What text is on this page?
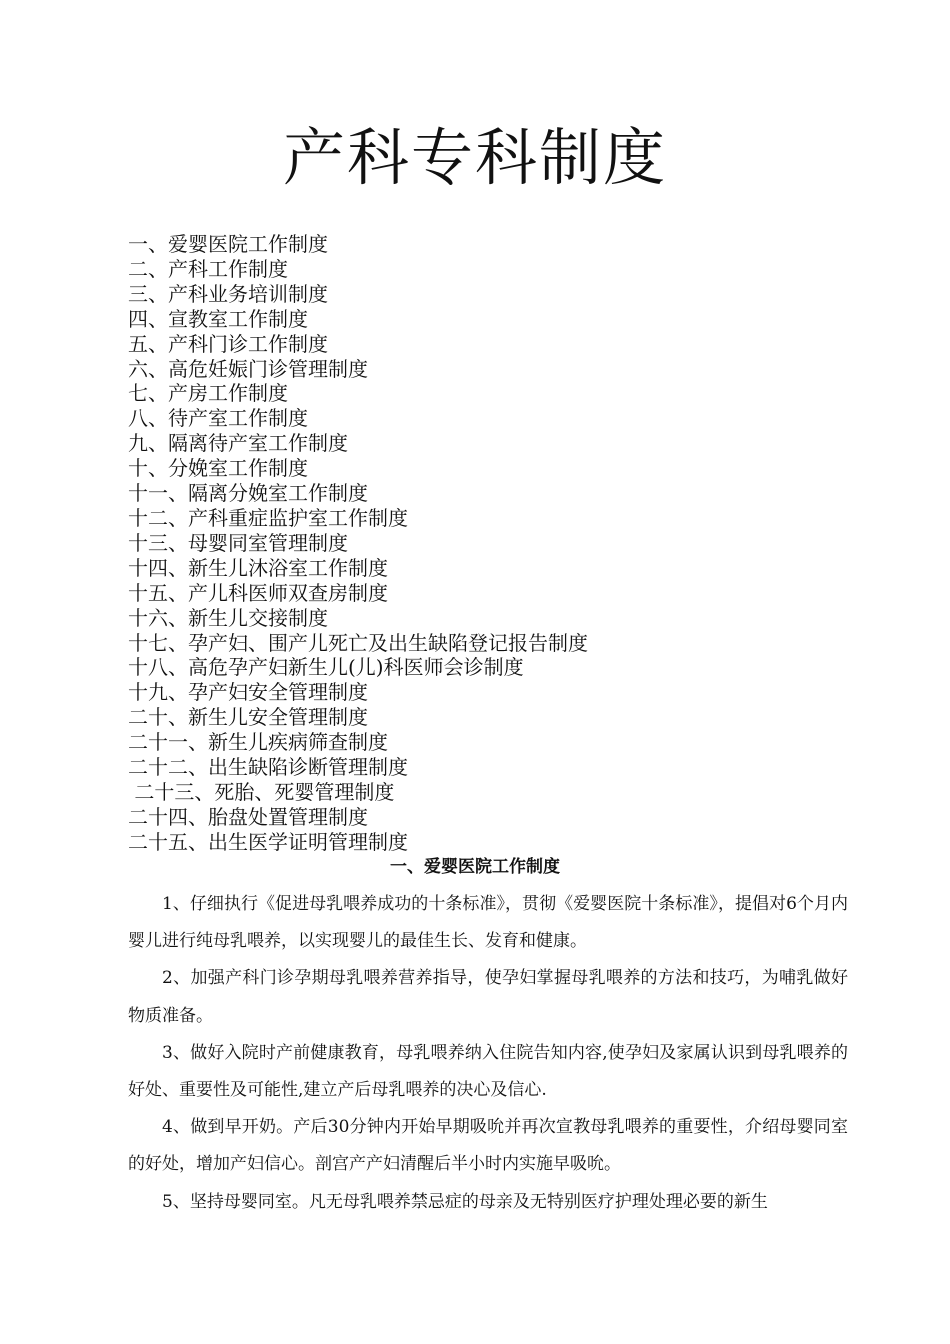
产科专科制度
一、爱婴医院工作制度
二、产科工作制度
三、产科业务培训制度
四、宣教室工作制度
五、产科门诊工作制度
六、高危妊娠门诊管理制度
七、产房工作制度
八、待产室工作制度
九、隔离待产室工作制度
十、分娩室工作制度
十一、隔离分娩室工作制度
十二、产科重症监护室工作制度
十三、母婴同室管理制度
十四、新生儿沐浴室工作制度
十五、产儿科医师双查房制度
十六、新生儿交接制度
十七、孕产妇、围产儿死亡及出生缺陷登记报告制度
十八、高危孕产妇新生儿(儿)科医师会诊制度
十九、孕产妇安全管理制度
二十、新生儿安全管理制度
二十一、新生儿疾病筛查制度
二十二、出生缺陷诊断管理制度
二十三、死胎、死婴管理制度
二十四、胎盘处置管理制度
二十五、出生医学证明管理制度
一、爱婴医院工作制度

1、仔细执行《促进母乳喂养成功的十条标准》，贯彻《爱婴医院十条标准》，提倡对6个月内婴儿进行纯母乳喂养，以实现婴儿的最佳生长、发育和健康。

2、加强产科门诊孕期母乳喂养营养指导，使孕妇掌握母乳喂养的方法和技巧，为哺乳做好物质准备。

3、做好入院时产前健康教育，母乳喂养纳入住院告知内容,使孕妇及家属认识到母乳喂养的好处、重要性及可能性,建立产后母乳喂养的决心及信心.

4、做到早开奶。产后30分钟内开始早期吸吮并再次宣教母乳喂养的重要性，介绍母婴同室的好处，增加产妇信心。剖宫产产妇清醒后半小时内实施早吸吮。

5、坚持母婴同室。凡无母乳喂养禁忌症的母亲及无特别医疗护理处理必要的新生
